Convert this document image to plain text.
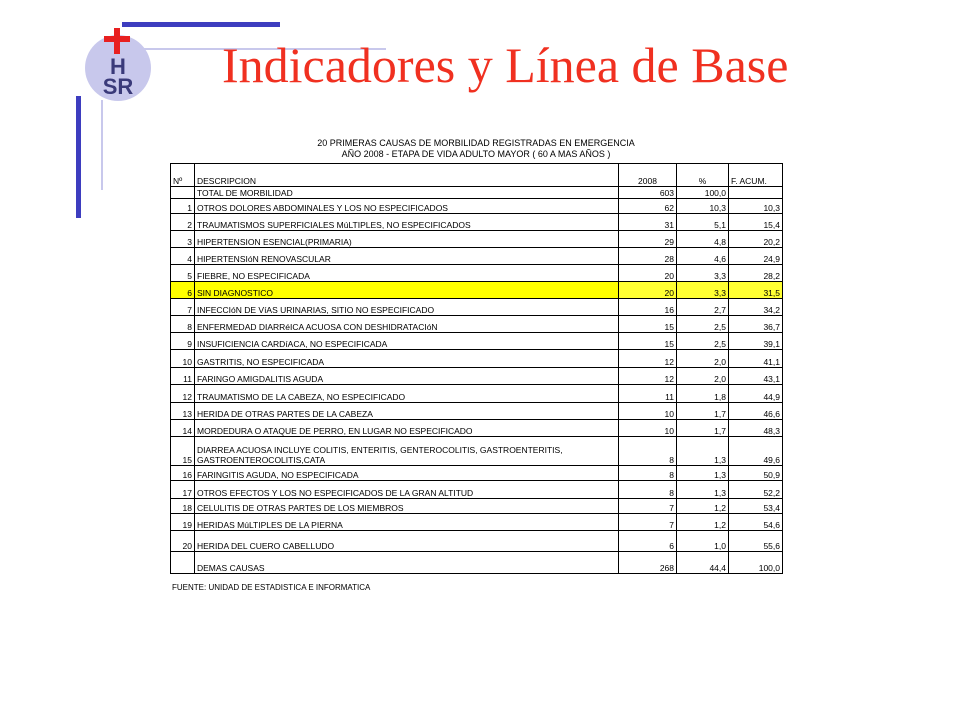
H
SR Indicadores y Línea de Base
20 PRIMERAS CAUSAS DE MORBILIDAD REGISTRADAS EN EMERGENCIA
AÑO 2008 - ETAPA DE VIDA ADULTO MAYOR ( 60 A MAS AÑOS )
Nº	DESCRIPCION	2008	%	F. ACUM.
	TOTAL DE MORBILIDAD	603	100,0	
1	OTROS DOLORES ABDOMINALES Y LOS NO ESPECIFICADOS	62	10,3	10,3
2	TRAUMATISMOS SUPERFICIALES MúLTIPLES, NO ESPECIFICADOS	31	5,1	15,4
3	HIPERTENSION ESENCIAL(PRIMARIA)	29	4,8	20,2
4	HIPERTENSIóN RENOVASCULAR	28	4,6	24,9
5	FIEBRE, NO ESPECIFICADA	20	3,3	28,2
6	SIN DIAGNOSTICO	20	3,3	31,5
7	INFECCIóN DE VíAS URINARIAS, SITIO NO ESPECIFICADO	16	2,7	34,2
8	ENFERMEDAD DIARRéICA ACUOSA CON DESHIDRATACIóN	15	2,5	36,7
9	INSUFICIENCIA CARDíACA, NO ESPECIFICADA	15	2,5	39,1
10	GASTRITIS, NO ESPECIFICADA	12	2,0	41,1
11	FARINGO AMIGDALITIS AGUDA	12	2,0	43,1
12	TRAUMATISMO DE LA CABEZA, NO ESPECIFICADO	11	1,8	44,9
13	HERIDA DE OTRAS PARTES DE LA CABEZA	10	1,7	46,6
14	MORDEDURA O ATAQUE DE PERRO, EN LUGAR NO ESPECIFICADO	10	1,7	48,3
15	DIARREA ACUOSA INCLUYE COLITIS, ENTERITIS, GENTEROCOLITIS, GASTROENTERITIS, GASTROENTEROCOLITIS,CATA	8	1,3	49,6
16	FARINGITIS AGUDA, NO ESPECIFICADA	8	1,3	50,9
17	OTROS EFECTOS Y LOS NO ESPECIFICADOS DE LA GRAN ALTITUD	8	1,3	52,2
18	CELULITIS DE OTRAS PARTES DE LOS MIEMBROS	7	1,2	53,4
19	HERIDAS MúLTIPLES DE LA PIERNA	7	1,2	54,6
20	HERIDA DEL CUERO CABELLUDO	6	1,0	55,6
	DEMAS CAUSAS	268	44,4	100,0
FUENTE: UNIDAD DE ESTADISTICA E INFORMATICA
